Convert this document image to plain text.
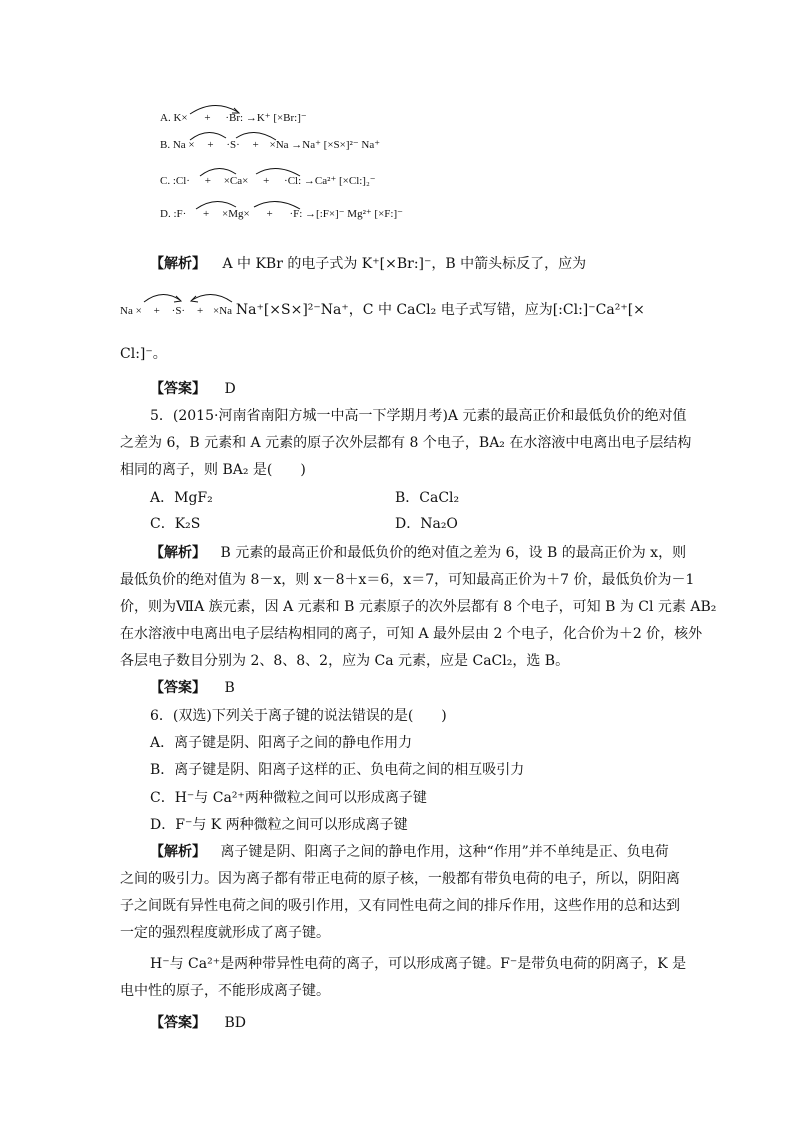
A. K× + ·Br: →K⁺ [×Br:]⁻
B. Na × + ·S· + ×Na →Na⁺ [×S×]²⁻ Na⁺
C. :Cl· + ×Ca× + ·Cl: →Ca²⁺ [×Cl:]₂⁻
D. :F· + ×Mg× + ·F: →[:F×]⁻ Mg²⁺ [×F:]⁻
【解析】 A 中 KBr 的电子式为 K⁺[×Br:]⁻，B 中箭头标反了，应为
Na × + ·S· + ×Na Na⁺[×S×]²⁻Na⁺，C 中 CaCl₂ 电子式写错，应为[:Cl:]⁻Ca²⁺[×
Cl:]⁻。
【答案】 D
5．(2015·河南省南阳方城一中高一下学期月考)A 元素的最高正价和最低负价的绝对值
之差为 6，B 元素和 A 元素的原子次外层都有 8 个电子，BA₂ 在水溶液中电离出电子层结构
相同的离子，则 BA₂ 是(　　)
A．MgF₂	B．CaCl₂
C．K₂S	D．Na₂O
【解析】 B 元素的最高正价和最低负价的绝对值之差为 6，设 B 的最高正价为 x，则
最低负价的绝对值为 8－x，则 x－8＋x＝6，x＝7，可知最高正价为＋7 价，最低负价为－1
价，则为ⅦA 族元素，因 A 元素和 B 元素原子的次外层都有 8 个电子，可知 B 为 Cl 元素 AB₂
在水溶液中电离出电子层结构相同的离子，可知 A 最外层由 2 个电子，化合价为＋2 价，核外
各层电子数目分别为 2、8、8、2，应为 Ca 元素，应是 CaCl₂，选 B。
【答案】 B
6．(双选)下列关于离子键的说法错误的是(　　)
A．离子键是阴、阳离子之间的静电作用力
B．离子键是阴、阳离子这样的正、负电荷之间的相互吸引力
C．H⁻与 Ca²⁺两种微粒之间可以形成离子键
D．F⁻与 K 两种微粒之间可以形成离子键
【解析】 离子键是阴、阳离子之间的静电作用，这种“作用”并不单纯是正、负电荷
之间的吸引力。因为离子都有带正电荷的原子核，一般都有带负电荷的电子，所以，阴阳离
子之间既有异性电荷之间的吸引作用，又有同性电荷之间的排斥作用，这些作用的总和达到
一定的强烈程度就形成了离子键。
H⁻与 Ca²⁺是两种带异性电荷的离子，可以形成离子键。F⁻是带负电荷的阴离子，K 是
电中性的原子，不能形成离子键。
【答案】 BD
